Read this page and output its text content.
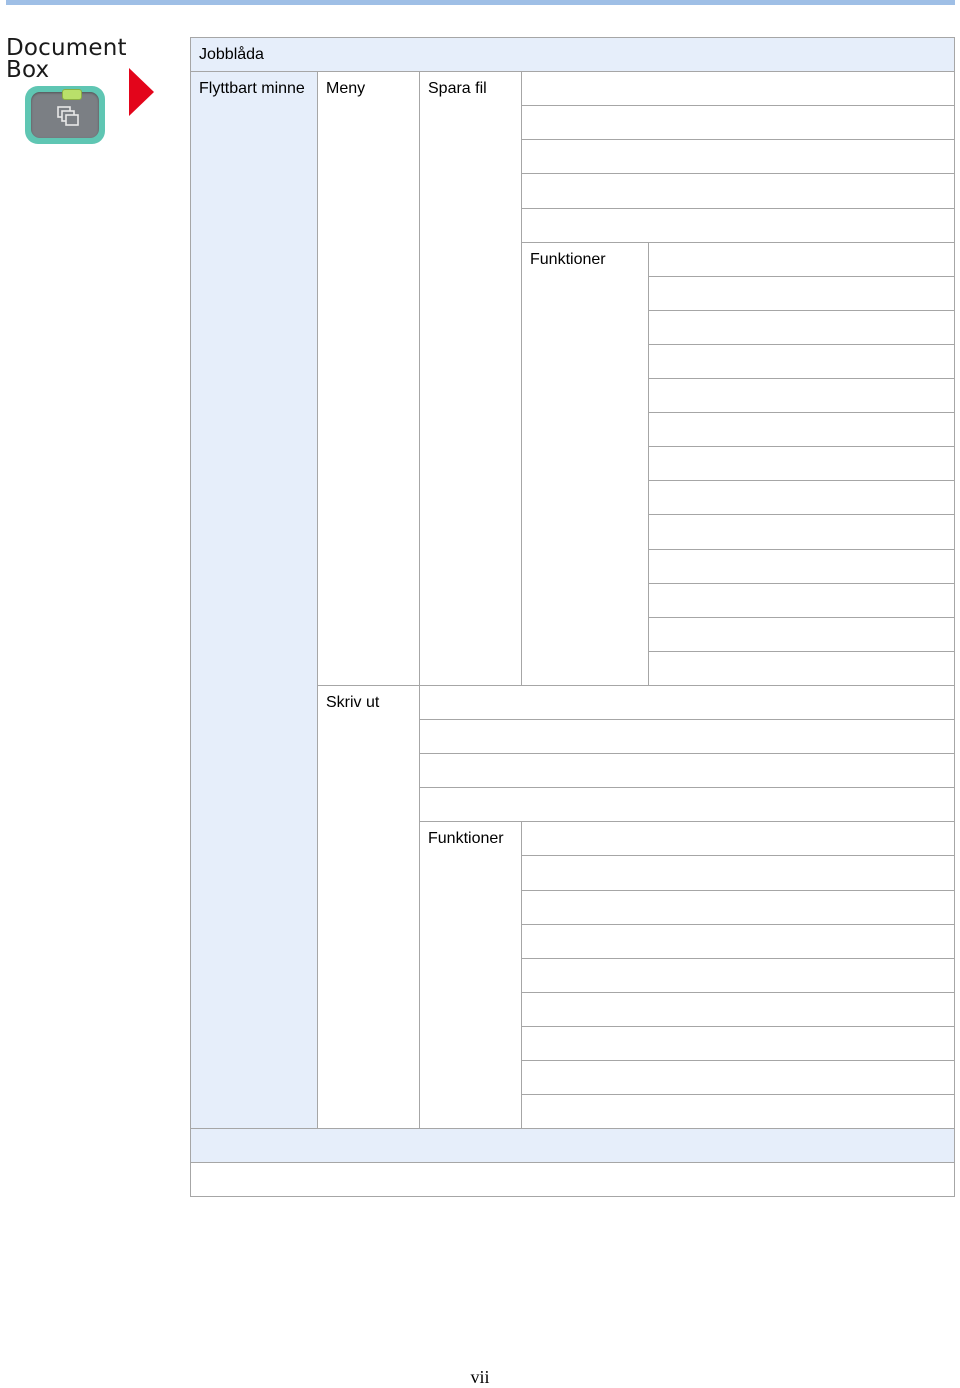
Document
Box
Jobblåda
Flyttbart minne	Meny	Spara fil
Funktioner
Skriv ut
Funktioner
vii
